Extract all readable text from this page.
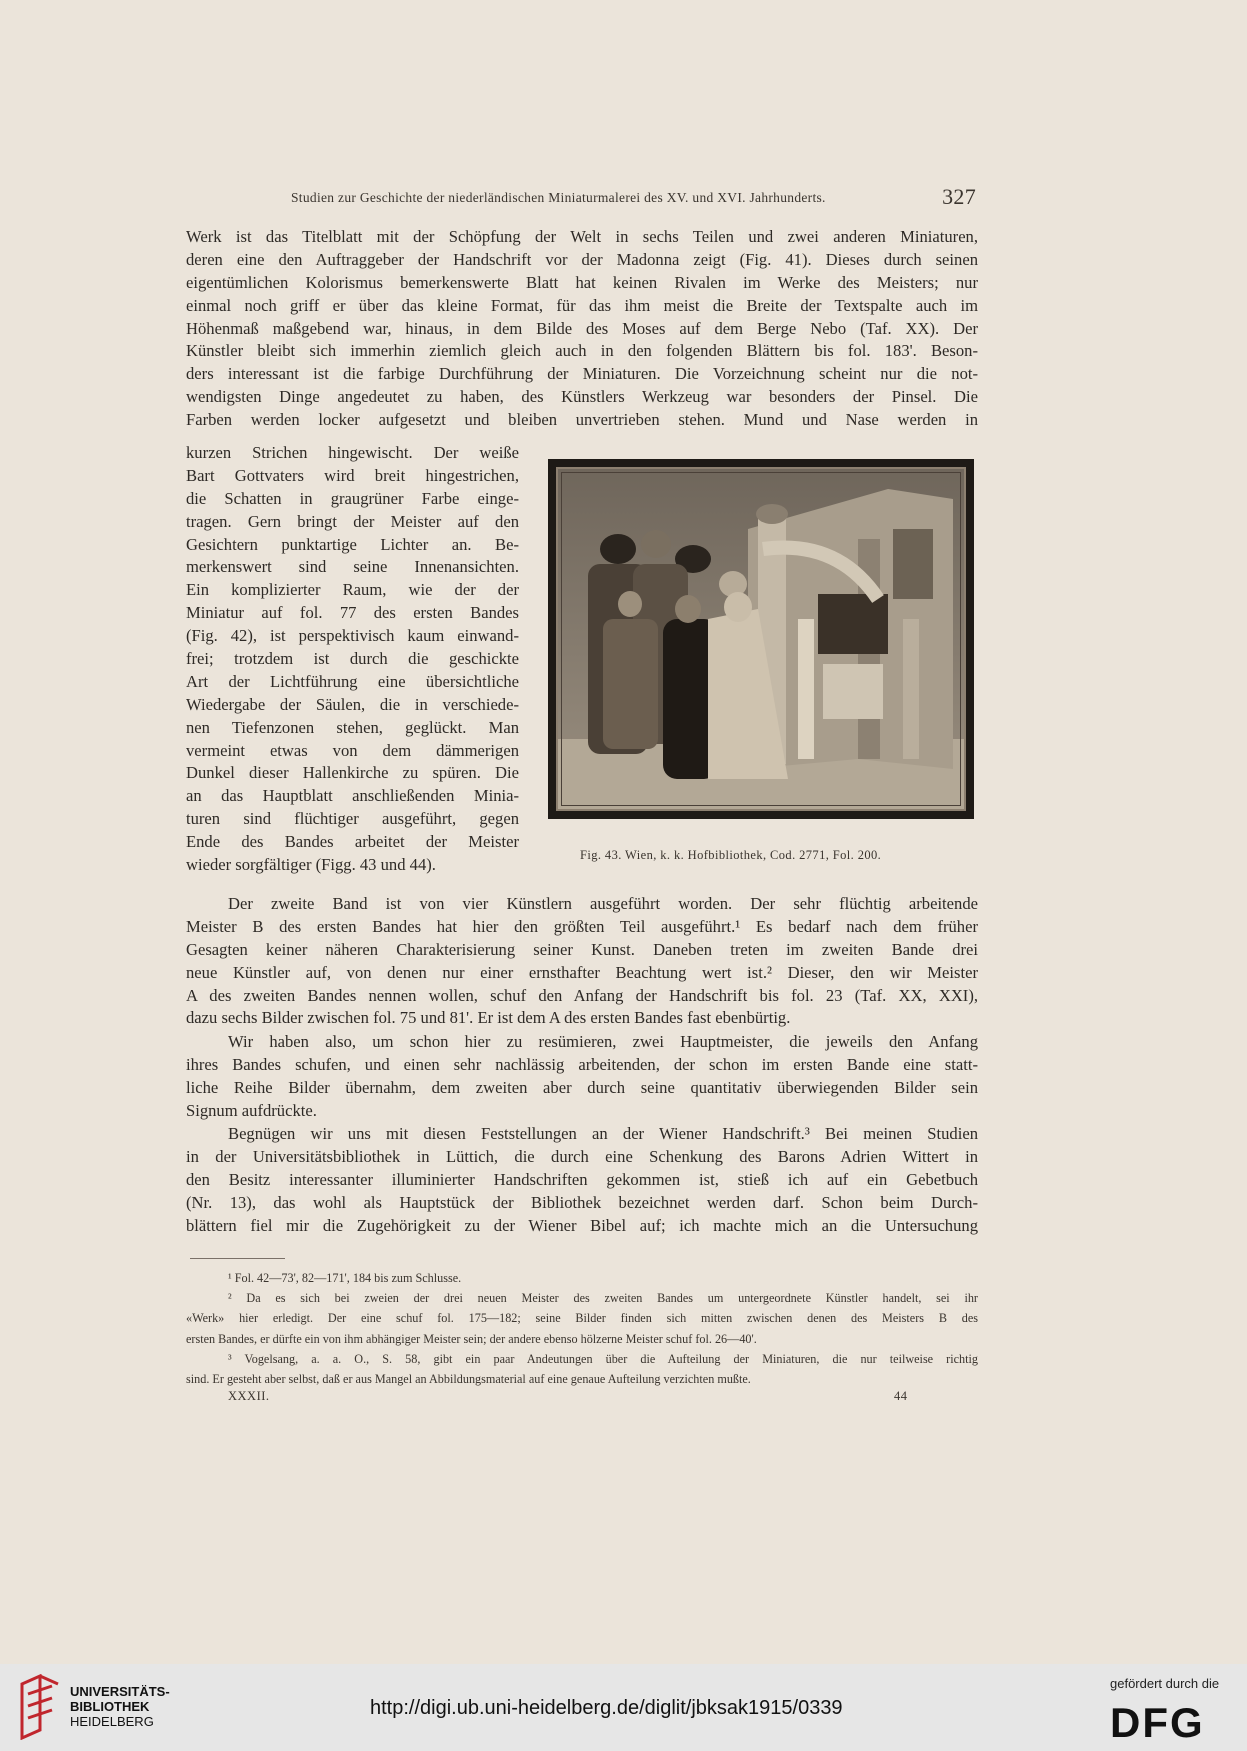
Studien zur Geschichte der niederländischen Miniaturmalerei des XV. und XVI. Jahrhunderts.	327
Werk ist das Titelblatt mit der Schöpfung der Welt in sechs Teilen und zwei anderen Miniaturen,
deren eine den Auftraggeber der Handschrift vor der Madonna zeigt (Fig. 41). Dieses durch seinen
eigentümlichen Kolorismus bemerkenswerte Blatt hat keinen Rivalen im Werke des Meisters; nur
einmal noch griff er über das kleine Format, für das ihm meist die Breite der Textspalte auch im
Höhenmaß maßgebend war, hinaus, in dem Bilde des Moses auf dem Berge Nebo (Taf. XX). Der
Künstler bleibt sich immerhin ziemlich gleich auch in den folgenden Blättern bis fol. 183'. Beson-
ders interessant ist die farbige Durchführung der Miniaturen. Die Vorzeichnung scheint nur die not-
wendigsten Dinge angedeutet zu haben, des Künstlers Werkzeug war besonders der Pinsel. Die
Farben werden locker aufgesetzt und bleiben unvertrieben stehen. Mund und Nase werden in
kurzen Strichen hingewischt. Der weiße
Bart Gottvaters wird breit hingestrichen,
die Schatten in graugrüner Farbe einge-
tragen. Gern bringt der Meister auf den
Gesichtern punktartige Lichter an. Be-
merkenswert sind seine Innenansichten.
Ein komplizierter Raum, wie der der
Miniatur auf fol. 77 des ersten Bandes
(Fig. 42), ist perspektivisch kaum einwand-
frei; trotzdem ist durch die geschickte
Art der Lichtführung eine übersichtliche
Wiedergabe der Säulen, die in verschiede-
nen Tiefenzonen stehen, geglückt. Man
vermeint etwas von dem dämmerigen
Dunkel dieser Hallenkirche zu spüren. Die
an das Hauptblatt anschließenden Minia-
turen sind flüchtiger ausgeführt, gegen
Ende des Bandes arbeitet der Meister
wieder sorgfältiger (Figg. 43 und 44).
Fig. 43. Wien, k. k. Hofbibliothek, Cod. 2771, Fol. 200.
Der zweite Band ist von vier Künstlern ausgeführt worden. Der sehr flüchtig arbeitende
Meister B des ersten Bandes hat hier den größten Teil ausgeführt.¹ Es bedarf nach dem früher
Gesagten keiner näheren Charakterisierung seiner Kunst. Daneben treten im zweiten Bande drei
neue Künstler auf, von denen nur einer ernsthafter Beachtung wert ist.² Dieser, den wir Meister
A des zweiten Bandes nennen wollen, schuf den Anfang der Handschrift bis fol. 23 (Taf. XX, XXI),
dazu sechs Bilder zwischen fol. 75 und 81'. Er ist dem A des ersten Bandes fast ebenbürtig.
Wir haben also, um schon hier zu resümieren, zwei Hauptmeister, die jeweils den Anfang
ihres Bandes schufen, und einen sehr nachlässig arbeitenden, der schon im ersten Bande eine statt-
liche Reihe Bilder übernahm, dem zweiten aber durch seine quantitativ überwiegenden Bilder sein
Signum aufdrückte.
Begnügen wir uns mit diesen Feststellungen an der Wiener Handschrift.³ Bei meinen Studien
in der Universitätsbibliothek in Lüttich, die durch eine Schenkung des Barons Adrien Wittert in
den Besitz interessanter illuminierter Handschriften gekommen ist, stieß ich auf ein Gebetbuch
(Nr. 13), das wohl als Hauptstück der Bibliothek bezeichnet werden darf. Schon beim Durch-
blättern fiel mir die Zugehörigkeit zu der Wiener Bibel auf; ich machte mich an die Untersuchung
¹ Fol. 42—73', 82—171', 184 bis zum Schlusse.
² Da es sich bei zweien der drei neuen Meister des zweiten Bandes um untergeordnete Künstler handelt, sei ihr
«Werk» hier erledigt. Der eine schuf fol. 175—182; seine Bilder finden sich mitten zwischen denen des Meisters B des
ersten Bandes, er dürfte ein von ihm abhängiger Meister sein; der andere ebenso hölzerne Meister schuf fol. 26—40'.
³ Vogelsang, a. a. O., S. 58, gibt ein paar Andeutungen über die Aufteilung der Miniaturen, die nur teilweise richtig
sind. Er gesteht aber selbst, daß er aus Mangel an Abbildungsmaterial auf eine genaue Aufteilung verzichten mußte.
XXXII.	44
UNIVERSITÄTS-
BIBLIOTHEK
HEIDELBERG
http://digi.ub.uni-heidelberg.de/diglit/jbksak1915/0339
gefördert durch die
DFG
